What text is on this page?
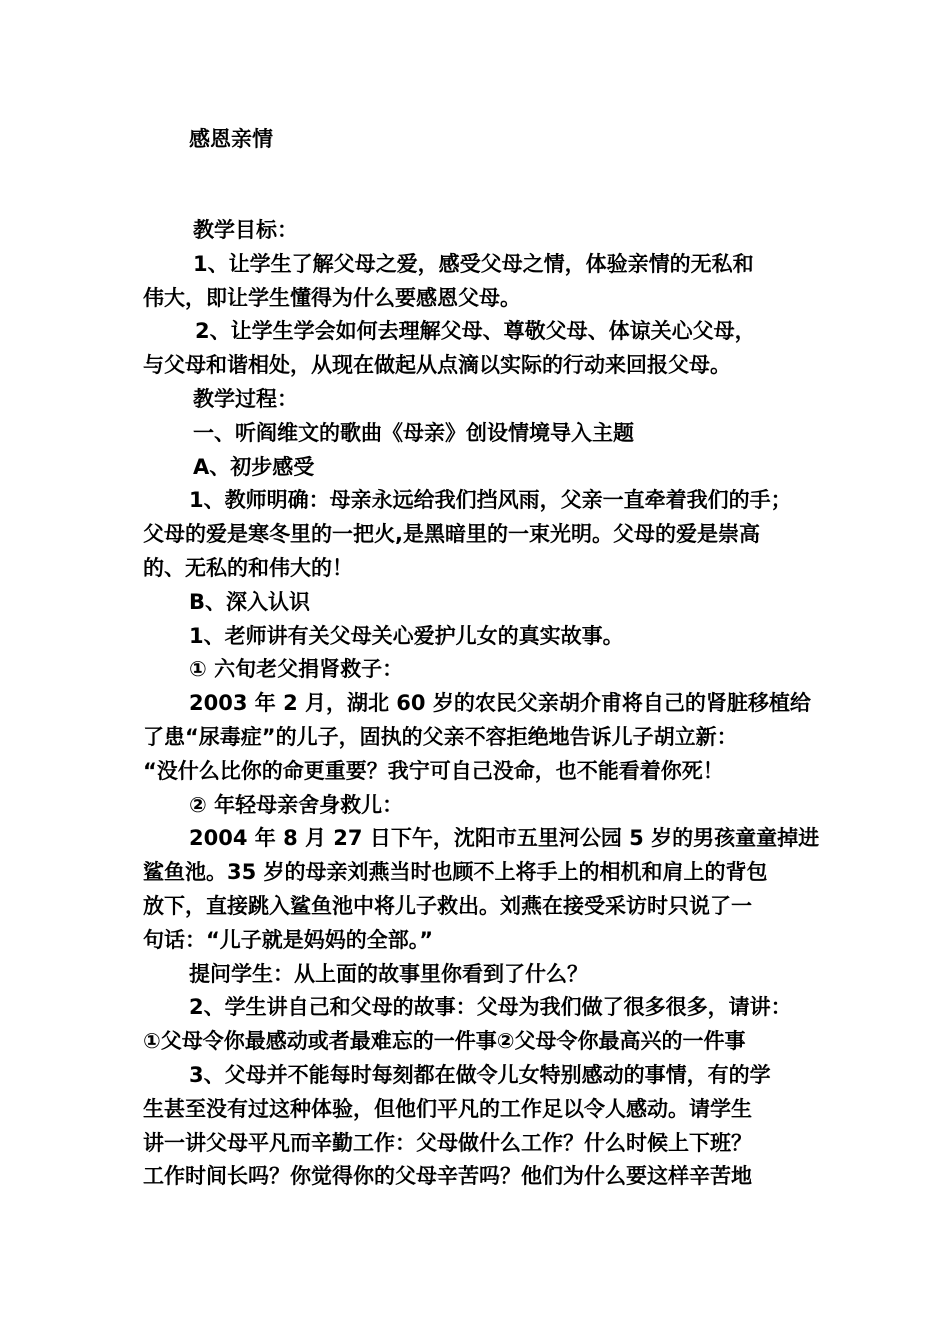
感恩亲情

教学目标：

1、让学生了解父母之爱，感受父母之情，体验亲情的无私和

伟大，即让学生懂得为什么要感恩父母。

2、让学生学会如何去理解父母、尊敬父母、体谅关心父母，

与父母和谐相处，从现在做起从点滴以实际的行动来回报父母。

教学过程：

一、听阎维文的歌曲《母亲》创设情境导入主题

A、初步感受

1、教师明确：母亲永远给我们挡风雨，父亲一直牵着我们的手；

父母的爱是寒冬里的一把火,是黑暗里的一束光明。父母的爱是崇高

的、无私的和伟大的！

B、深入认识

1、老师讲有关父母关心爱护儿女的真实故事。

① 六旬老父捐肾救子：

2003 年 2 月，湖北 60 岁的农民父亲胡介甫将自己的肾脏移植给

了患“尿毒症”的儿子，固执的父亲不容拒绝地告诉儿子胡立新：

“没什么比你的命更重要？我宁可自己没命，也不能看着你死！

② 年轻母亲舍身救儿：

2004 年 8 月 27 日下午，沈阳市五里河公园 5 岁的男孩童童掉进

鲨鱼池。35 岁的母亲刘燕当时也顾不上将手上的相机和肩上的背包

放下，直接跳入鲨鱼池中将儿子救出。刘燕在接受采访时只说了一

句话：“儿子就是妈妈的全部。”

提问学生：从上面的故事里你看到了什么？

2、学生讲自己和父母的故事：父母为我们做了很多很多，请讲：

①父母令你最感动或者最难忘的一件事②父母令你最高兴的一件事

3、父母并不能每时每刻都在做令儿女特别感动的事情，有的学

生甚至没有过这种体验，但他们平凡的工作足以令人感动。请学生

讲一讲父母平凡而辛勤工作：父母做什么工作？什么时候上下班？

工作时间长吗？你觉得你的父母辛苦吗？他们为什么要这样辛苦地
